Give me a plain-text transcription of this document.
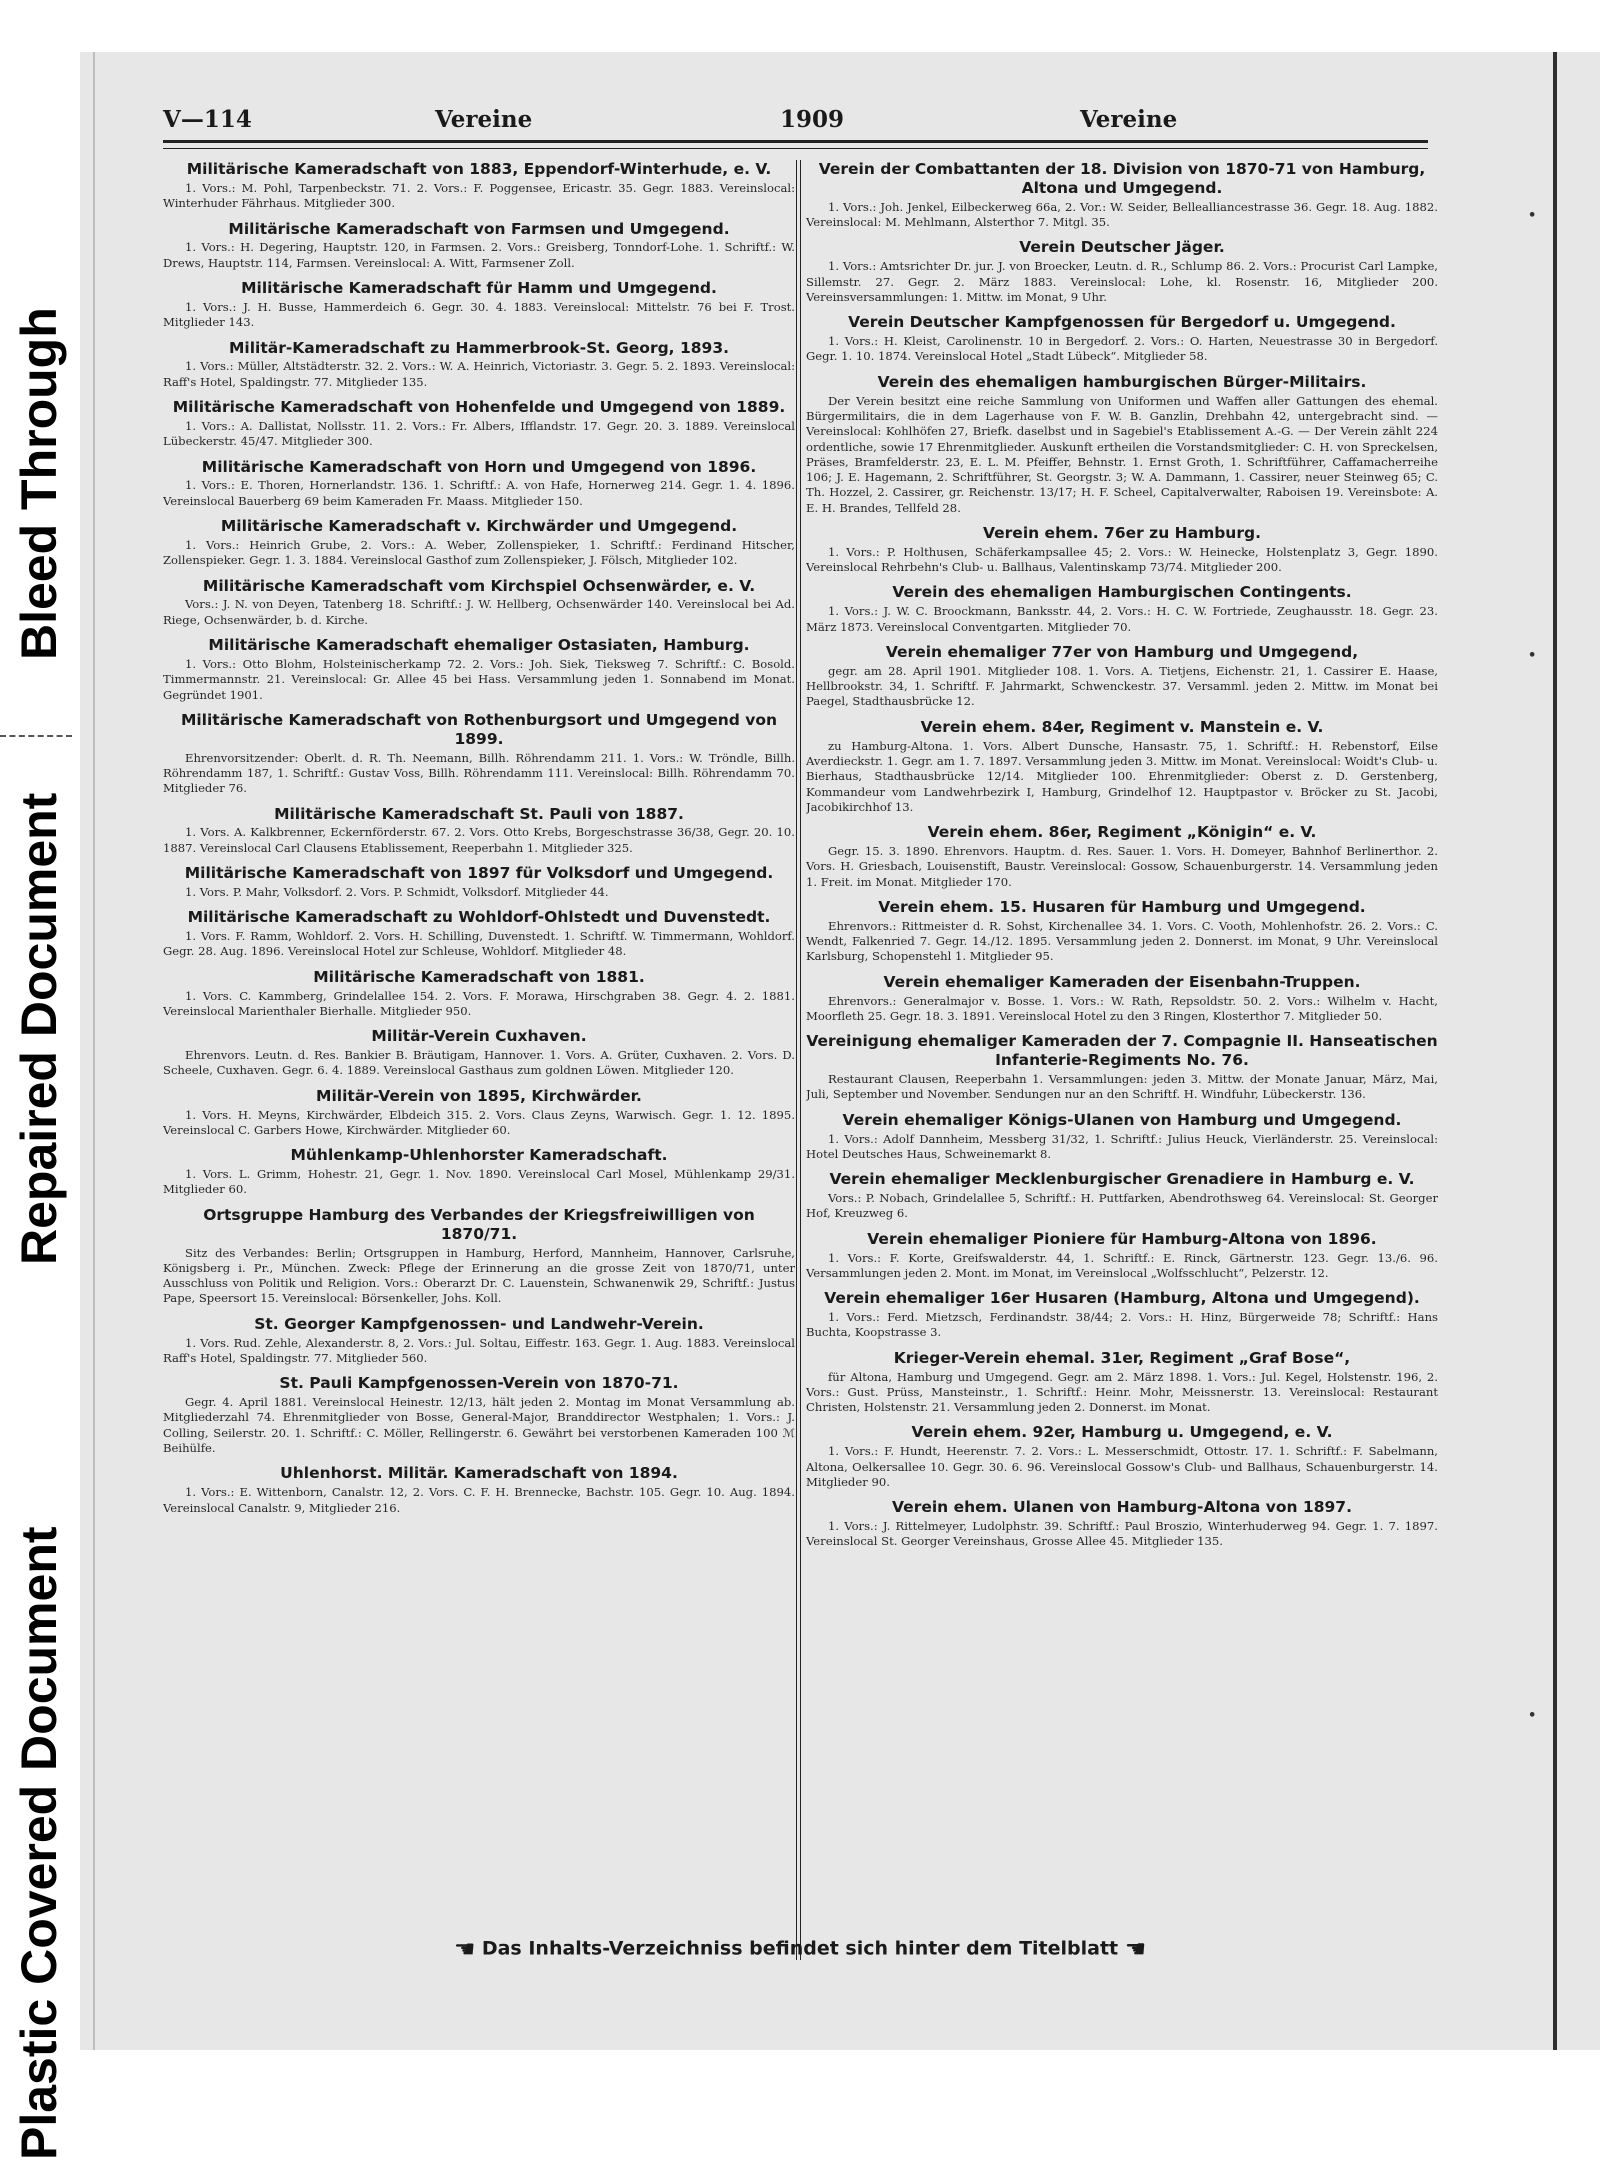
Plastic Covered Document
Repaired Document
Bleed Through
V—114	Vereine	1909	Vereine
Militärische Kameradschaft von 1883, Eppendorf-Winterhude, e. V.
1. Vors.: M. Pohl, Tarpenbeckstr. 71. 2. Vors.: F. Poggensee, Ericastr. 35. Gegr. 1883. Vereinslocal: Winterhuder Fährhaus. Mitglieder 300.
Militärische Kameradschaft von Farmsen und Umgegend.
1. Vors.: H. Degering, Hauptstr. 120, in Farmsen. 2. Vors.: Greisberg, Tonndorf-Lohe. 1. Schriftf.: W. Drews, Hauptstr. 114, Farmsen. Vereinslocal: A. Witt, Farmsener Zoll.
Militärische Kameradschaft für Hamm und Umgegend.
1. Vors.: J. H. Busse, Hammerdeich 6. Gegr. 30. 4. 1883. Vereinslocal: Mittelstr. 76 bei F. Trost. Mitglieder 143.
Militär-Kameradschaft zu Hammerbrook-St. Georg, 1893.
1. Vors.: Müller, Altstädterstr. 32. 2. Vors.: W. A. Heinrich, Victoriastr. 3. Gegr. 5. 2. 1893. Vereinslocal: Raff's Hotel, Spaldingstr. 77. Mitglieder 135.
Militärische Kameradschaft von Hohenfelde und Umgegend von 1889.
1. Vors.: A. Dallistat, Nollsstr. 11. 2. Vors.: Fr. Albers, Ifflandstr. 17. Gegr. 20. 3. 1889. Vereinslocal Lübeckerstr. 45/47. Mitglieder 300.
Militärische Kameradschaft von Horn und Umgegend von 1896.
1. Vors.: E. Thoren, Hornerlandstr. 136. 1. Schriftf.: A. von Hafe, Hornerweg 214. Gegr. 1. 4. 1896. Vereinslocal Bauerberg 69 beim Kameraden Fr. Maass. Mitglieder 150.
Militärische Kameradschaft v. Kirchwärder und Umgegend.
1. Vors.: Heinrich Grube, 2. Vors.: A. Weber, Zollenspieker, 1. Schriftf.: Ferdinand Hitscher, Zollenspieker. Gegr. 1. 3. 1884. Vereinslocal Gasthof zum Zollenspieker, J. Fölsch, Mitglieder 102.
Militärische Kameradschaft vom Kirchspiel Ochsenwärder, e. V.
Vors.: J. N. von Deyen, Tatenberg 18. Schriftf.: J. W. Hellberg, Ochsenwärder 140. Vereinslocal bei Ad. Riege, Ochsenwärder, b. d. Kirche.
Militärische Kameradschaft ehemaliger Ostasiaten, Hamburg.
1. Vors.: Otto Blohm, Holsteinischerkamp 72. 2. Vors.: Joh. Siek, Tieksweg 7. Schriftf.: C. Bosold. Timmermannstr. 21. Vereinslocal: Gr. Allee 45 bei Hass. Versammlung jeden 1. Sonnabend im Monat. Gegründet 1901.
Militärische Kameradschaft von Rothenburgsort und Umgegend von 1899.
Ehrenvorsitzender: Oberlt. d. R. Th. Neemann, Billh. Röhrendamm 211. 1. Vors.: W. Tröndle, Billh. Röhrendamm 187, 1. Schriftf.: Gustav Voss, Billh. Röhrendamm 111. Vereinslocal: Billh. Röhrendamm 70. Mitglieder 76.
Militärische Kameradschaft St. Pauli von 1887.
1. Vors. A. Kalkbrenner, Eckernförderstr. 67. 2. Vors. Otto Krebs, Borgeschstrasse 36/38, Gegr. 20. 10. 1887. Vereinslocal Carl Clausens Etablissement, Reeperbahn 1. Mitglieder 325.
Militärische Kameradschaft von 1897 für Volksdorf und Umgegend.
1. Vors. P. Mahr, Volksdorf. 2. Vors. P. Schmidt, Volksdorf. Mitglieder 44.
Militärische Kameradschaft zu Wohldorf-Ohlstedt und Duvenstedt.
1. Vors. F. Ramm, Wohldorf. 2. Vors. H. Schilling, Duvenstedt. 1. Schriftf. W. Timmermann, Wohldorf. Gegr. 28. Aug. 1896. Vereinslocal Hotel zur Schleuse, Wohldorf. Mitglieder 48.
Militärische Kameradschaft von 1881.
1. Vors. C. Kammberg, Grindelallee 154. 2. Vors. F. Morawa, Hirschgraben 38. Gegr. 4. 2. 1881. Vereinslocal Marienthaler Bierhalle. Mitglieder 950.
Militär-Verein Cuxhaven.
Ehrenvors. Leutn. d. Res. Bankier B. Bräutigam, Hannover. 1. Vors. A. Grüter, Cuxhaven. 2. Vors. D. Scheele, Cuxhaven. Gegr. 6. 4. 1889. Vereinslocal Gasthaus zum goldnen Löwen. Mitglieder 120.
Militär-Verein von 1895, Kirchwärder.
1. Vors. H. Meyns, Kirchwärder, Elbdeich 315. 2. Vors. Claus Zeyns, Warwisch. Gegr. 1. 12. 1895. Vereinslocal C. Garbers Howe, Kirchwärder. Mitglieder 60.
Mühlenkamp-Uhlenhorster Kameradschaft.
1. Vors. L. Grimm, Hohestr. 21, Gegr. 1. Nov. 1890. Vereinslocal Carl Mosel, Mühlenkamp 29/31. Mitglieder 60.
Ortsgruppe Hamburg des Verbandes der Kriegsfreiwilligen von 1870/71.
Sitz des Verbandes: Berlin; Ortsgruppen in Hamburg, Herford, Mannheim, Hannover, Carlsruhe, Königsberg i. Pr., München. Zweck: Pflege der Erinnerung an die grosse Zeit von 1870/71, unter Ausschluss von Politik und Religion. Vors.: Oberarzt Dr. C. Lauenstein, Schwanenwik 29, Schriftf.: Justus Pape, Speersort 15. Vereinslocal: Börsenkeller, Johs. Koll.
St. Georger Kampfgenossen- und Landwehr-Verein.
1. Vors. Rud. Zehle, Alexanderstr. 8, 2. Vors.: Jul. Soltau, Eiffestr. 163. Gegr. 1. Aug. 1883. Vereinslocal Raff's Hotel, Spaldingstr. 77. Mitglieder 560.
St. Pauli Kampfgenossen-Verein von 1870-71.
Gegr. 4. April 1881. Vereinslocal Heinestr. 12/13, hält jeden 2. Montag im Monat Versammlung ab. Mitgliederzahl 74. Ehrenmitglieder von Bosse, General-Major, Branddirector Westphalen; 1. Vors.: J. Colling, Seilerstr. 20. 1. Schriftf.: C. Möller, Rellingerstr. 6. Gewährt bei verstorbenen Kameraden 100 ℳ Beihülfe.
Uhlenhorst. Militär. Kameradschaft von 1894.
1. Vors.: E. Wittenborn, Canalstr. 12, 2. Vors. C. F. H. Brennecke, Bachstr. 105. Gegr. 10. Aug. 1894. Vereinslocal Canalstr. 9, Mitglieder 216.
Verein der Combattanten der 18. Division von 1870-71 von Hamburg, Altona und Umgegend.
1. Vors.: Joh. Jenkel, Eilbeckerweg 66a, 2. Vor.: W. Seider, Bellealliancestrasse 36. Gegr. 18. Aug. 1882. Vereinslocal: M. Mehlmann, Alsterthor 7. Mitgl. 35.
Verein Deutscher Jäger.
1. Vors.: Amtsrichter Dr. jur. J. von Broecker, Leutn. d. R., Schlump 86. 2. Vors.: Procurist Carl Lampke, Sillemstr. 27. Gegr. 2. März 1883. Vereinslocal: Lohe, kl. Rosenstr. 16, Mitglieder 200. Vereinsversammlungen: 1. Mittw. im Monat, 9 Uhr.
Verein Deutscher Kampfgenossen für Bergedorf u. Umgegend.
1. Vors.: H. Kleist, Carolinenstr. 10 in Bergedorf. 2. Vors.: O. Harten, Neuestrasse 30 in Bergedorf. Gegr. 1. 10. 1874. Vereinslocal Hotel „Stadt Lübeck“. Mitglieder 58.
Verein des ehemaligen hamburgischen Bürger-Militairs.
Der Verein besitzt eine reiche Sammlung von Uniformen und Waffen aller Gattungen des ehemal. Bürgermilitairs, die in dem Lagerhause von F. W. B. Ganzlin, Drehbahn 42, untergebracht sind. — Vereinslocal: Kohlhöfen 27, Briefk. daselbst und in Sagebiel's Etablissement A.-G. — Der Verein zählt 224 ordentliche, sowie 17 Ehrenmitglieder. Auskunft ertheilen die Vorstandsmitglieder: C. H. von Spreckelsen, Präses, Bramfelderstr. 23, E. L. M. Pfeiffer, Behnstr. 1. Ernst Groth, 1. Schriftführer, Caffamacherreihe 106; J. E. Hagemann, 2. Schriftführer, St. Georgstr. 3; W. A. Dammann, 1. Cassirer, neuer Steinweg 65; C. Th. Hozzel, 2. Cassirer, gr. Reichenstr. 13/17; H. F. Scheel, Capitalverwalter, Raboisen 19. Vereinsbote: A. E. H. Brandes, Tellfeld 28.
Verein ehem. 76er zu Hamburg.
1. Vors.: P. Holthusen, Schäferkampsallee 45; 2. Vors.: W. Heinecke, Holstenplatz 3, Gegr. 1890. Vereinslocal Rehrbehn's Club- u. Ballhaus, Valentinskamp 73/74. Mitglieder 200.
Verein des ehemaligen Hamburgischen Contingents.
1. Vors.: J. W. C. Broockmann, Banksstr. 44, 2. Vors.: H. C. W. Fortriede, Zeughausstr. 18. Gegr. 23. März 1873. Vereinslocal Conventgarten. Mitglieder 70.
Verein ehemaliger 77er von Hamburg und Umgegend,
gegr. am 28. April 1901. Mitglieder 108. 1. Vors. A. Tietjens, Eichenstr. 21, 1. Cassirer E. Haase, Hellbrookstr. 34, 1. Schriftf. F. Jahrmarkt, Schwenckestr. 37. Versamml. jeden 2. Mittw. im Monat bei Paegel, Stadthausbrücke 12.
Verein ehem. 84er, Regiment v. Manstein e. V.
zu Hamburg-Altona. 1. Vors. Albert Dunsche, Hansastr. 75, 1. Schriftf.: H. Rebenstorf, Eilse Averdieckstr. 1. Gegr. am 1. 7. 1897. Versammlung jeden 3. Mittw. im Monat. Vereinslocal: Woidt's Club- u. Bierhaus, Stadthausbrücke 12/14. Mitglieder 100. Ehrenmitglieder: Oberst z. D. Gerstenberg, Kommandeur vom Landwehrbezirk I, Hamburg, Grindelhof 12. Hauptpastor v. Bröcker zu St. Jacobi, Jacobikirchhof 13.
Verein ehem. 86er, Regiment „Königin“ e. V.
Gegr. 15. 3. 1890. Ehrenvors. Hauptm. d. Res. Sauer. 1. Vors. H. Domeyer, Bahnhof Berlinerthor. 2. Vors. H. Griesbach, Louisenstift, Baustr. Vereinslocal: Gossow, Schauenburgerstr. 14. Versammlung jeden 1. Freit. im Monat. Mitglieder 170.
Verein ehem. 15. Husaren für Hamburg und Umgegend.
Ehrenvors.: Rittmeister d. R. Sohst, Kirchenallee 34. 1. Vors. C. Vooth, Mohlenhofstr. 26. 2. Vors.: C. Wendt, Falkenried 7. Gegr. 14./12. 1895. Versammlung jeden 2. Donnerst. im Monat, 9 Uhr. Vereinslocal Karlsburg, Schopenstehl 1. Mitglieder 95.
Verein ehemaliger Kameraden der Eisenbahn-Truppen.
Ehrenvors.: Generalmajor v. Bosse. 1. Vors.: W. Rath, Repsoldstr. 50. 2. Vors.: Wilhelm v. Hacht, Moorfleth 25. Gegr. 18. 3. 1891. Vereinslocal Hotel zu den 3 Ringen, Klosterthor 7. Mitglieder 50.
Vereinigung ehemaliger Kameraden der 7. Compagnie II. Hanseatischen Infanterie-Regiments No. 76.
Restaurant Clausen, Reeperbahn 1. Versammlungen: jeden 3. Mittw. der Monate Januar, März, Mai, Juli, September und November. Sendungen nur an den Schriftf. H. Windfuhr, Lübeckerstr. 136.
Verein ehemaliger Königs-Ulanen von Hamburg und Umgegend.
1. Vors.: Adolf Dannheim, Messberg 31/32, 1. Schriftf.: Julius Heuck, Vierländerstr. 25. Vereinslocal: Hotel Deutsches Haus, Schweinemarkt 8.
Verein ehemaliger Mecklenburgischer Grenadiere in Hamburg e. V.
Vors.: P. Nobach, Grindelallee 5, Schriftf.: H. Puttfarken, Abendrothsweg 64. Vereinslocal: St. Georger Hof, Kreuzweg 6.
Verein ehemaliger Pioniere für Hamburg-Altona von 1896.
1. Vors.: F. Korte, Greifswalderstr. 44, 1. Schriftf.: E. Rinck, Gärtnerstr. 123. Gegr. 13./6. 96. Versammlungen jeden 2. Mont. im Monat, im Vereinslocal „Wolfsschlucht“, Pelzerstr. 12.
Verein ehemaliger 16er Husaren (Hamburg, Altona und Umgegend).
1. Vors.: Ferd. Mietzsch, Ferdinandstr. 38/44; 2. Vors.: H. Hinz, Bürgerweide 78; Schriftf.: Hans Buchta, Koopstrasse 3.
Krieger-Verein ehemal. 31er, Regiment „Graf Bose“,
für Altona, Hamburg und Umgegend. Gegr. am 2. März 1898. 1. Vors.: Jul. Kegel, Holstenstr. 196, 2. Vors.: Gust. Prüss, Mansteinstr., 1. Schriftf.: Heinr. Mohr, Meissnerstr. 13. Vereinslocal: Restaurant Christen, Holstenstr. 21. Versammlung jeden 2. Donnerst. im Monat.
Verein ehem. 92er, Hamburg u. Umgegend, e. V.
1. Vors.: F. Hundt, Heerenstr. 7. 2. Vors.: L. Messerschmidt, Ottostr. 17. 1. Schriftf.: F. Sabelmann, Altona, Oelkersallee 10. Gegr. 30. 6. 96. Vereinslocal Gossow's Club- und Ballhaus, Schauenburgerstr. 14. Mitglieder 90.
Verein ehem. Ulanen von Hamburg-Altona von 1897.
1. Vors.: J. Rittelmeyer, Ludolphstr. 39. Schriftf.: Paul Broszio, Winterhuderweg 94. Gegr. 1. 7. 1897. Vereinslocal St. Georger Vereinshaus, Grosse Allee 45. Mitglieder 135.
•
•
•
☛ Das Inhalts-Verzeichniss befindet sich hinter dem Titelblatt ☚
